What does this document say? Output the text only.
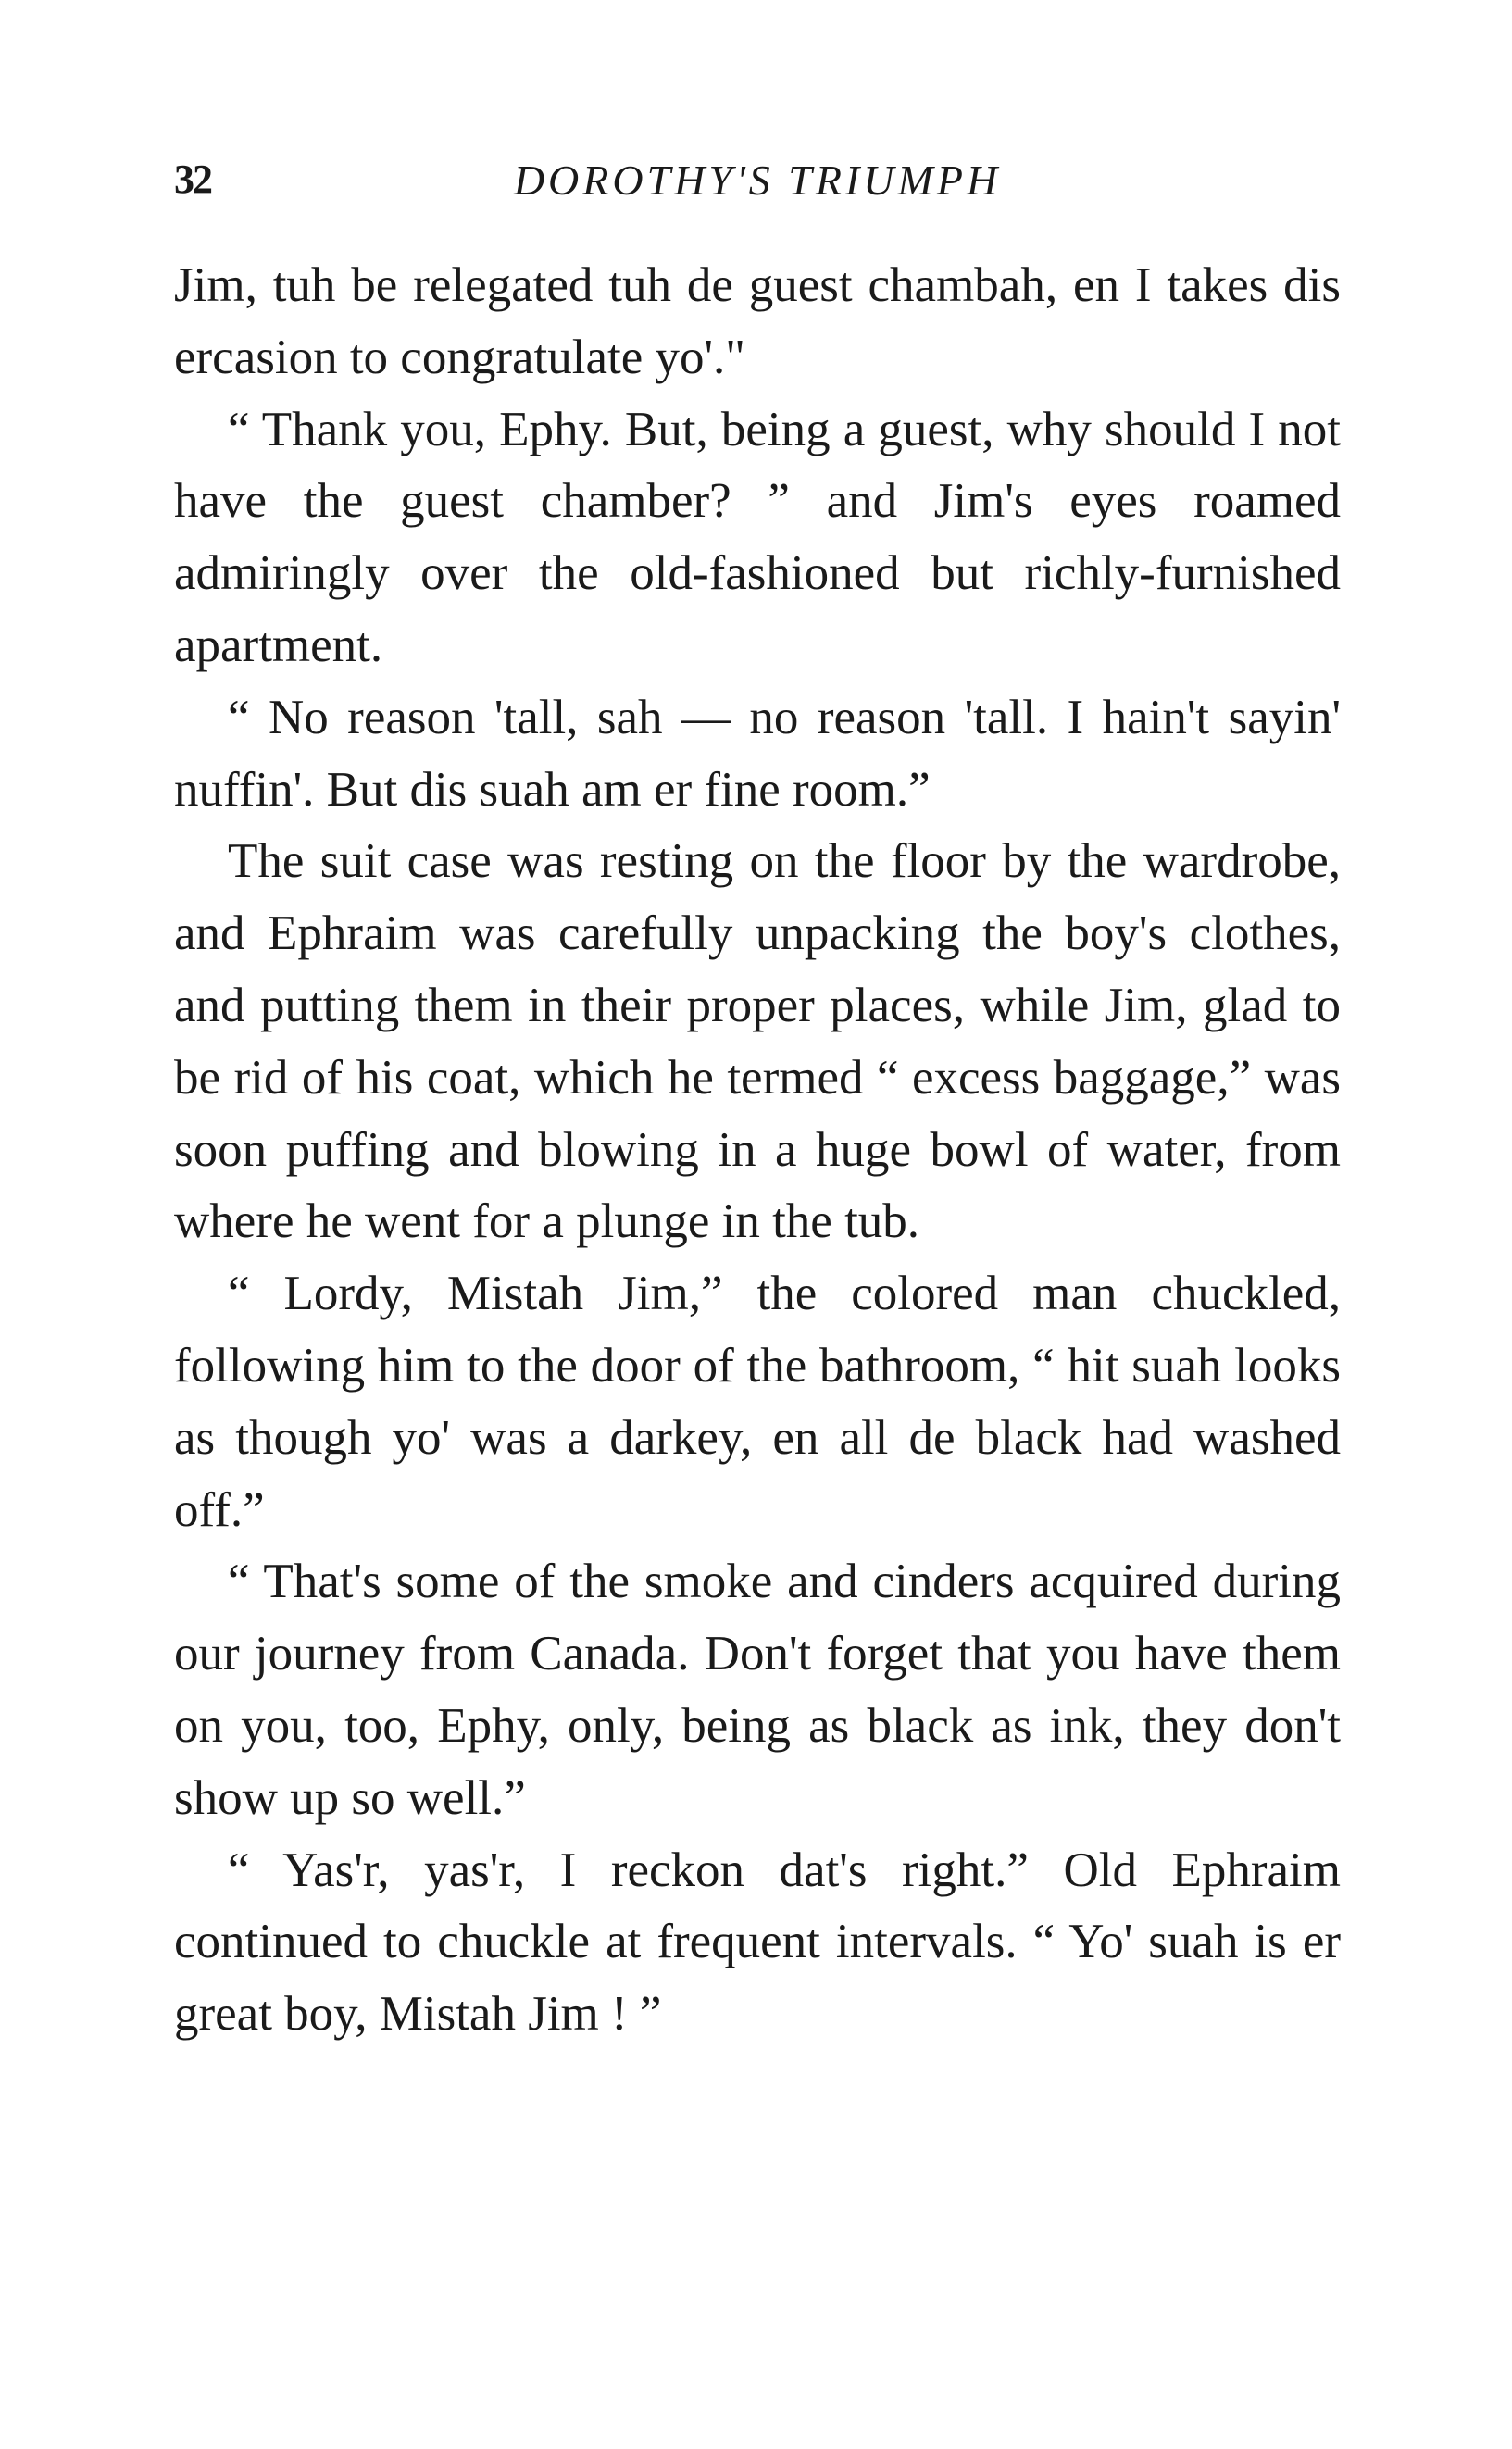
32	DOROTHY'S TRIUMPH

Jim, tuh be relegated tuh de guest chambah, en I takes dis ercasion to congratulate yo'."

“ Thank you, Ephy. But, being a guest, why should I not have the guest chamber? ” and Jim's eyes roamed admiringly over the old-fashioned but richly-furnished apartment.

“ No reason 'tall, sah — no reason 'tall. I hain't sayin' nuffin'. But dis suah am er fine room.”

The suit case was resting on the floor by the wardrobe, and Ephraim was carefully unpacking the boy's clothes, and putting them in their proper places, while Jim, glad to be rid of his coat, which he termed “ excess baggage,” was soon puffing and blowing in a huge bowl of water, from where he went for a plunge in the tub.

“ Lordy, Mistah Jim,” the colored man chuckled, following him to the door of the bathroom, “ hit suah looks as though yo' was a darkey, en all de black had washed off.”

“ That's some of the smoke and cinders acquired during our journey from Canada. Don't forget that you have them on you, too, Ephy, only, being as black as ink, they don't show up so well.”

“ Yas'r, yas'r, I reckon dat's right.” Old Ephraim continued to chuckle at frequent intervals. “ Yo' suah is er great boy, Mistah Jim ! ”
